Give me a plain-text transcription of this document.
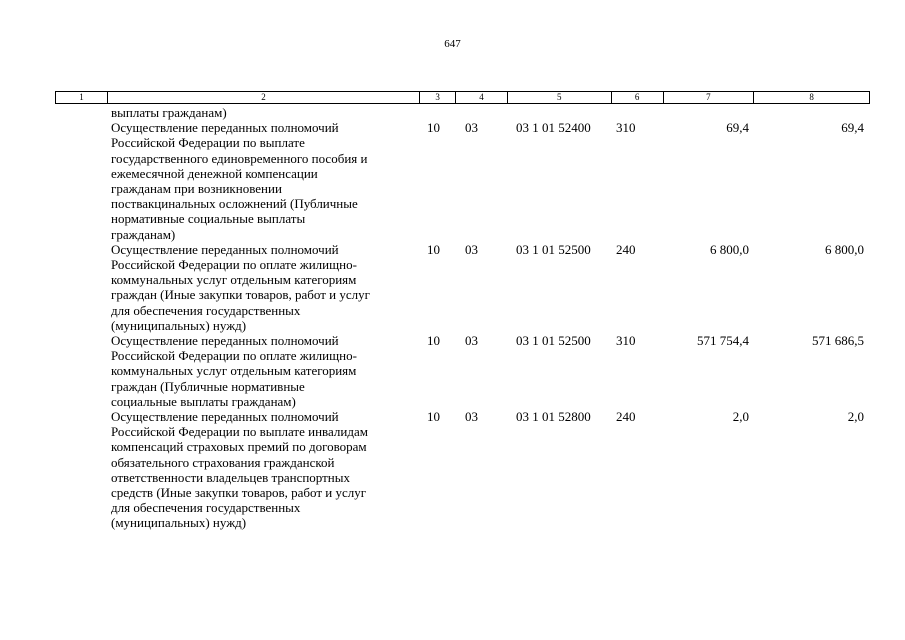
647
1	2	3	4	5	6	7	8
выплаты гражданам)
Осуществление переданных полномочий
Российской Федерации по выплате
государственного единовременного пособия и
ежемесячной денежной компенсации
гражданам при возникновении
поствакцинальных осложнений (Публичные
нормативные социальные выплаты
гражданам)
10	03	03 1 01 52400	310	69,4	69,4
Осуществление переданных полномочий
Российской Федерации по оплате жилищно-
коммунальных услуг отдельным категориям
граждан (Иные закупки товаров, работ и услуг
для обеспечения государственных
(муниципальных) нужд)
10	03	03 1 01 52500	240	6 800,0	6 800,0
Осуществление переданных полномочий
Российской Федерации по оплате жилищно-
коммунальных услуг отдельным категориям
граждан (Публичные нормативные
социальные выплаты гражданам)
10	03	03 1 01 52500	310	571 754,4	571 686,5
Осуществление переданных полномочий
Российской Федерации по выплате инвалидам
компенсаций страховых премий по договорам
обязательного страхования гражданской
ответственности владельцев транспортных
средств (Иные закупки товаров, работ и услуг
для обеспечения государственных
(муниципальных) нужд)
10	03	03 1 01 52800	240	2,0	2,0
